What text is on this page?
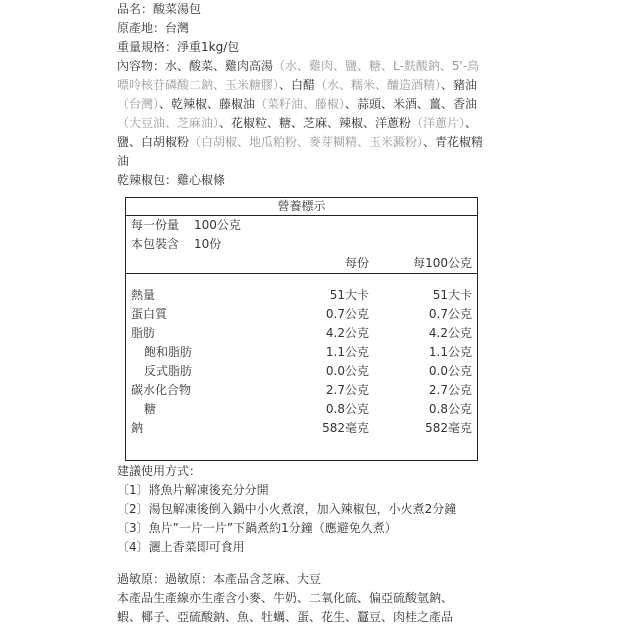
品名：酸菜湯包
原產地：台灣
重量規格：淨重1kg/包
內容物：水、酸菜、雞肉高湯（水、雞肉、鹽、糖、L-麩酸鈉、5'-鳥嘌呤核苷磷酸二鈉、玉米糖膠）、白醋（水、糯米、釀造酒精）、豬油（台灣）、乾辣椒、藤椒油（菜籽油、藤椒）、蒜頭、米酒、薑、香油（大豆油、芝麻油）、花椒粒、糖、芝麻、辣椒、洋蔥粉（洋蔥片）、鹽、白胡椒粉（白胡椒、地瓜粕粉、麥芽糊精、玉米澱粉）、青花椒精油
乾辣椒包：雞心椒條
營養標示
每一份量 100公克
本包裝含 10份
每份	每100公克
熱量	51大卡	51大卡
蛋白質	0.7公克	0.7公克
脂肪	4.2公克	4.2公克
飽和脂肪	1.1公克	1.1公克
反式脂肪	0.0公克	0.0公克
碳水化合物	2.7公克	2.7公克
糖	0.8公克	0.8公克
鈉	582毫克	582毫克
建議使用方式：
〔1〕將魚片解凍後充分分開
〔2〕湯包解凍後倒入鍋中小火煮滾，加入辣椒包，小火煮2分鐘
〔3〕魚片”一片一片”下鍋煮約1分鐘（應避免久煮）
〔4〕灑上香菜即可食用
過敏原：過敏原：本產品含芝麻、大豆
本產品生產線亦生產含小麥、牛奶、二氧化硫、偏亞硫酸氫鈉、
蝦、椰子、亞硫酸鈉、魚、牡蠣、蛋、花生、蠶豆、肉桂之產品
